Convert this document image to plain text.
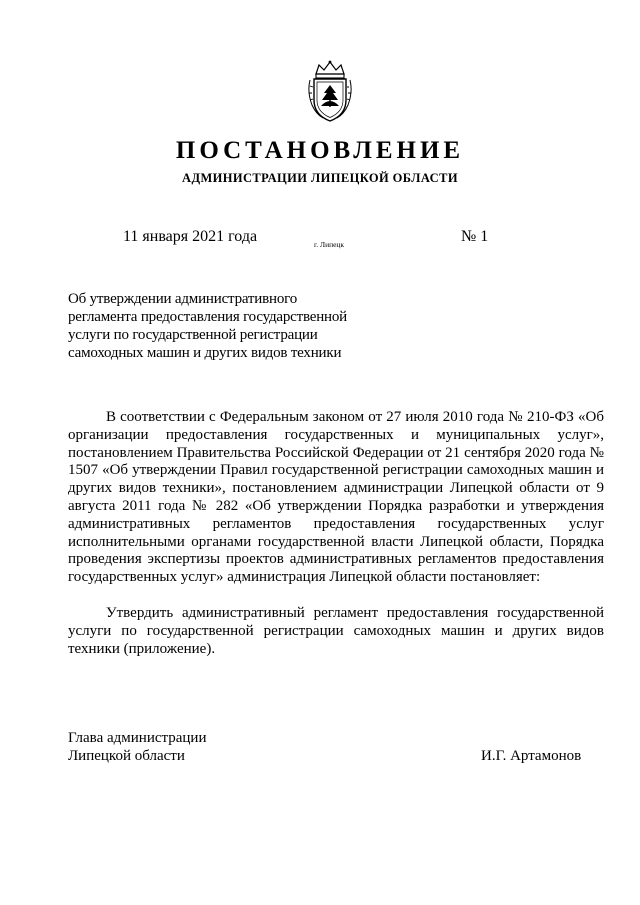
ПОСТАНОВЛЕНИЕ
АДМИНИСТРАЦИИ ЛИПЕЦКОЙ ОБЛАСТИ
11 января 2021 года	г. Липецк	№ 1
Об утверждении административного
регламента предоставления государственной
услуги по государственной регистрации
самоходных машин и других видов техники

В соответствии с Федеральным законом от 27 июля 2010 года № 210-ФЗ «Об организации предоставления государственных и муниципальных услуг», постановлением Правительства Российской Федерации от 21 сентября 2020 года № 1507 «Об утверждении Правил государственной регистрации самоходных машин и других видов техники», постановлением администрации Липецкой области от 9 августа 2011 года № 282 «Об утверждении Порядка разработки и утверждения административных регламентов предоставления государственных услуг исполнительными органами государственной власти Липецкой области, Порядка проведения экспертизы проектов административных регламентов предоставления государственных услуг» администрация Липецкой области постановляет:

Утвердить административный регламент предоставления государственной услуги по государственной регистрации самоходных машин и других видов техники (приложение).

Глава администрации
Липецкой области	И.Г. Артамонов
